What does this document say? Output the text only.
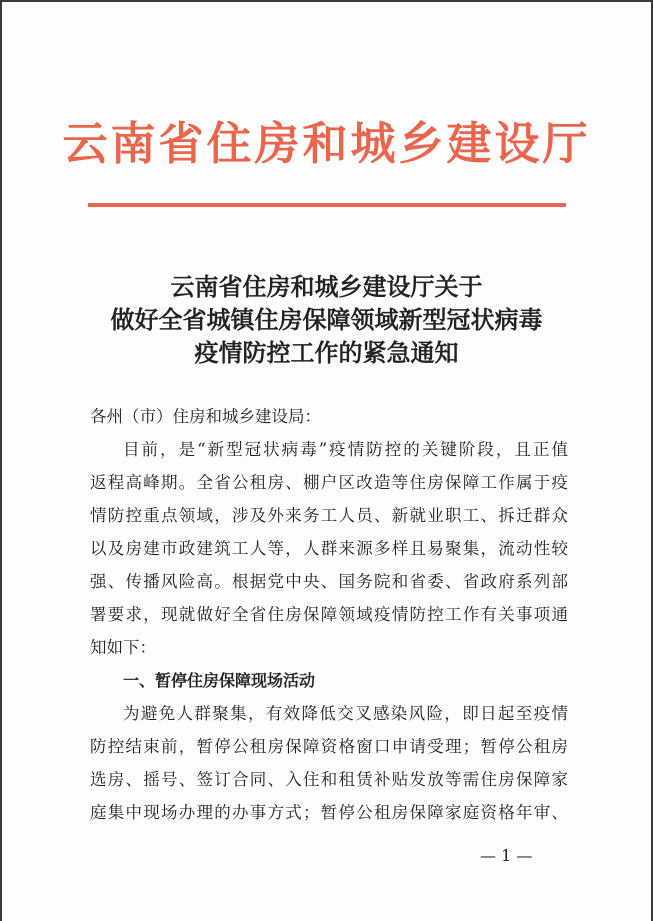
云南省住房和城乡建设厅
云南省住房和城乡建设厅关于
做好全省城镇住房保障领域新型冠状病毒
疫情防控工作的紧急通知
各州（市）住房和城乡建设局：
目前，是“新型冠状病毒”疫情防控的关键阶段，且正值
返程高峰期。全省公租房、棚户区改造等住房保障工作属于疫
情防控重点领域，涉及外来务工人员、新就业职工、拆迁群众
以及房建市政建筑工人等，人群来源多样且易聚集，流动性较
强、传播风险高。根据党中央、国务院和省委、省政府系列部
署要求，现就做好全省住房保障领域疫情防控工作有关事项通
知如下：
一、暂停住房保障现场活动
为避免人群聚集，有效降低交叉感染风险，即日起至疫情
防控结束前，暂停公租房保障资格窗口申请受理；暂停公租房
选房、摇号、签订合同、入住和租赁补贴发放等需住房保障家
庭集中现场办理的办事方式；暂停公租房保障家庭资格年审、
— 1 —
